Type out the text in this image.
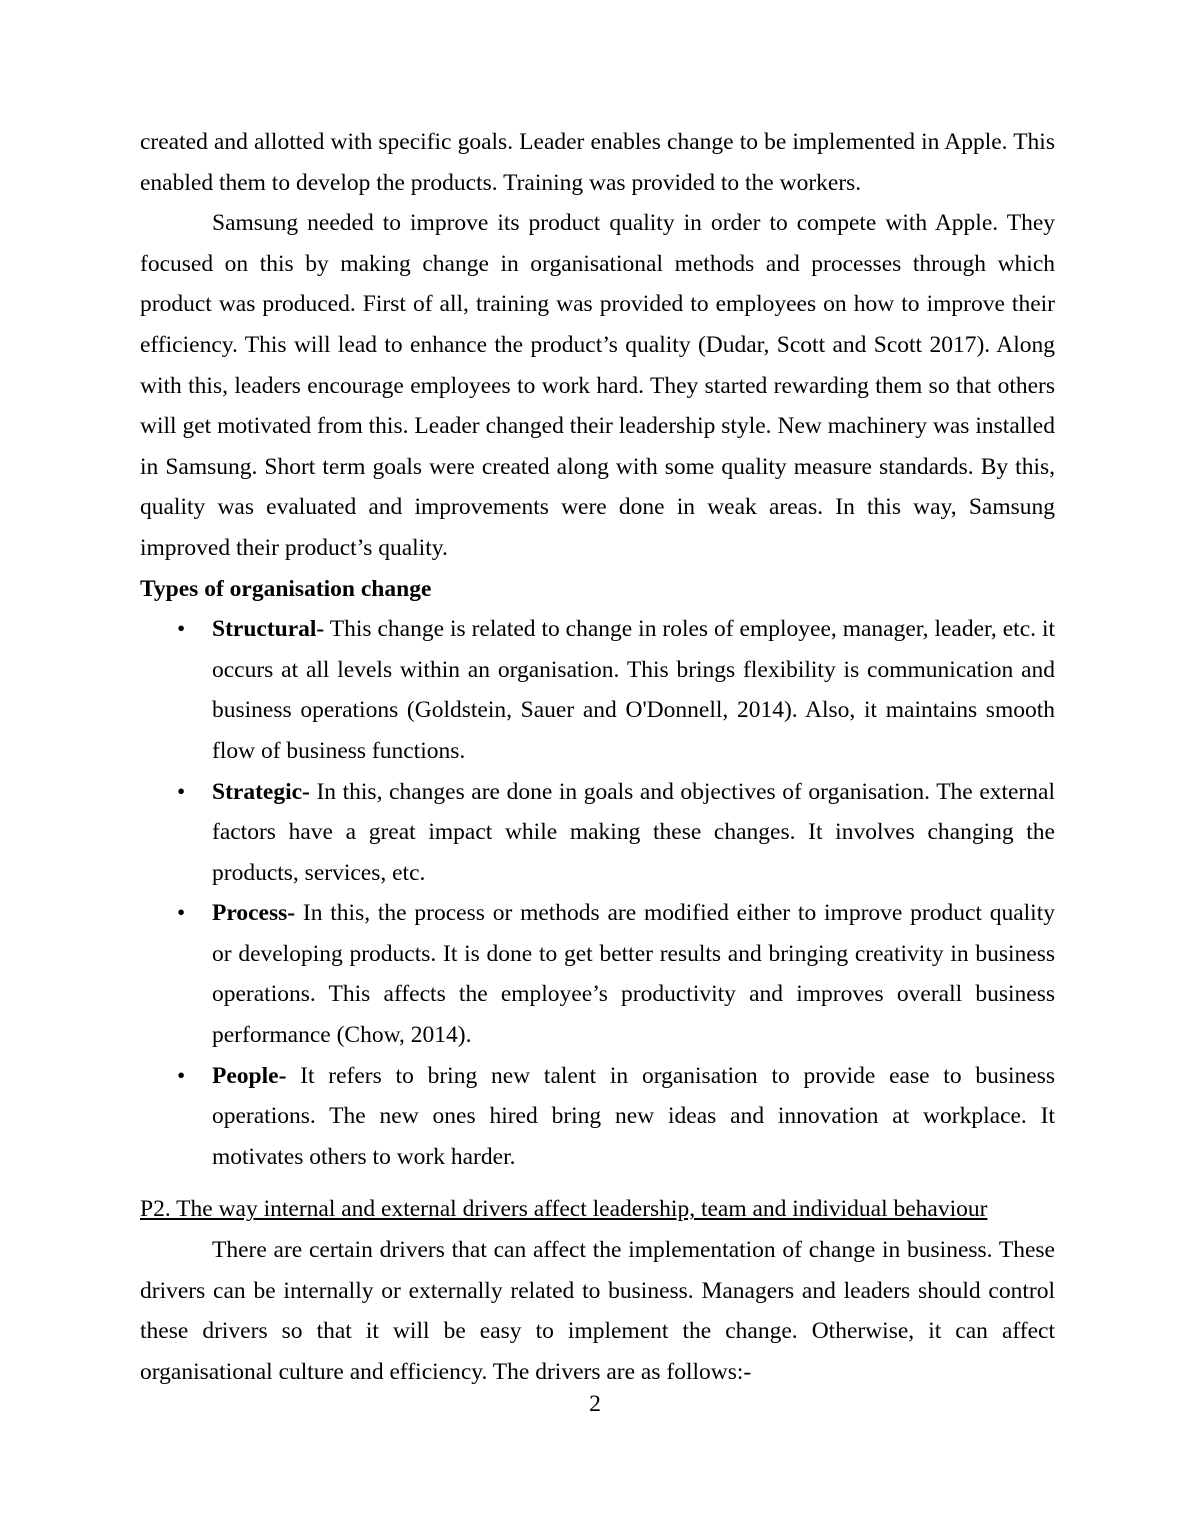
created and allotted with specific goals. Leader enables change to be implemented in Apple. This enabled them to develop the products. Training was provided to the workers.

Samsung needed to improve its product quality in order to compete with Apple. They focused on this by making change in organisational methods and processes through which product was produced. First of all, training was provided to employees on how to improve their efficiency. This will lead to enhance the product’s quality (Dudar, Scott and Scott 2017). Along with this, leaders encourage employees to work hard. They started rewarding them so that others will get motivated from this. Leader changed their leadership style. New machinery was installed in Samsung. Short term goals were created along with some quality measure standards. By this, quality was evaluated and improvements were done in weak areas. In this way, Samsung improved their product’s quality.

Types of organisation change

• Structural- This change is related to change in roles of employee, manager, leader, etc. it occurs at all levels within an organisation. This brings flexibility is communication and business operations (Goldstein, Sauer and O'Donnell, 2014). Also, it maintains smooth flow of business functions.
• Strategic- In this, changes are done in goals and objectives of organisation. The external factors have a great impact while making these changes. It involves changing the products, services, etc.
• Process- In this, the process or methods are modified either to improve product quality or developing products. It is done to get better results and bringing creativity in business operations. This affects the employee’s productivity and improves overall business performance (Chow, 2014).
• People- It refers to bring new talent in organisation to provide ease to business operations. The new ones hired bring new ideas and innovation at workplace. It motivates others to work harder.

P2. The way internal and external drivers affect leadership, team and individual behaviour

There are certain drivers that can affect the implementation of change in business. These drivers can be internally or externally related to business. Managers and leaders should control these drivers so that it will be easy to implement the change. Otherwise, it can affect organisational culture and efficiency. The drivers are as follows:-

2
